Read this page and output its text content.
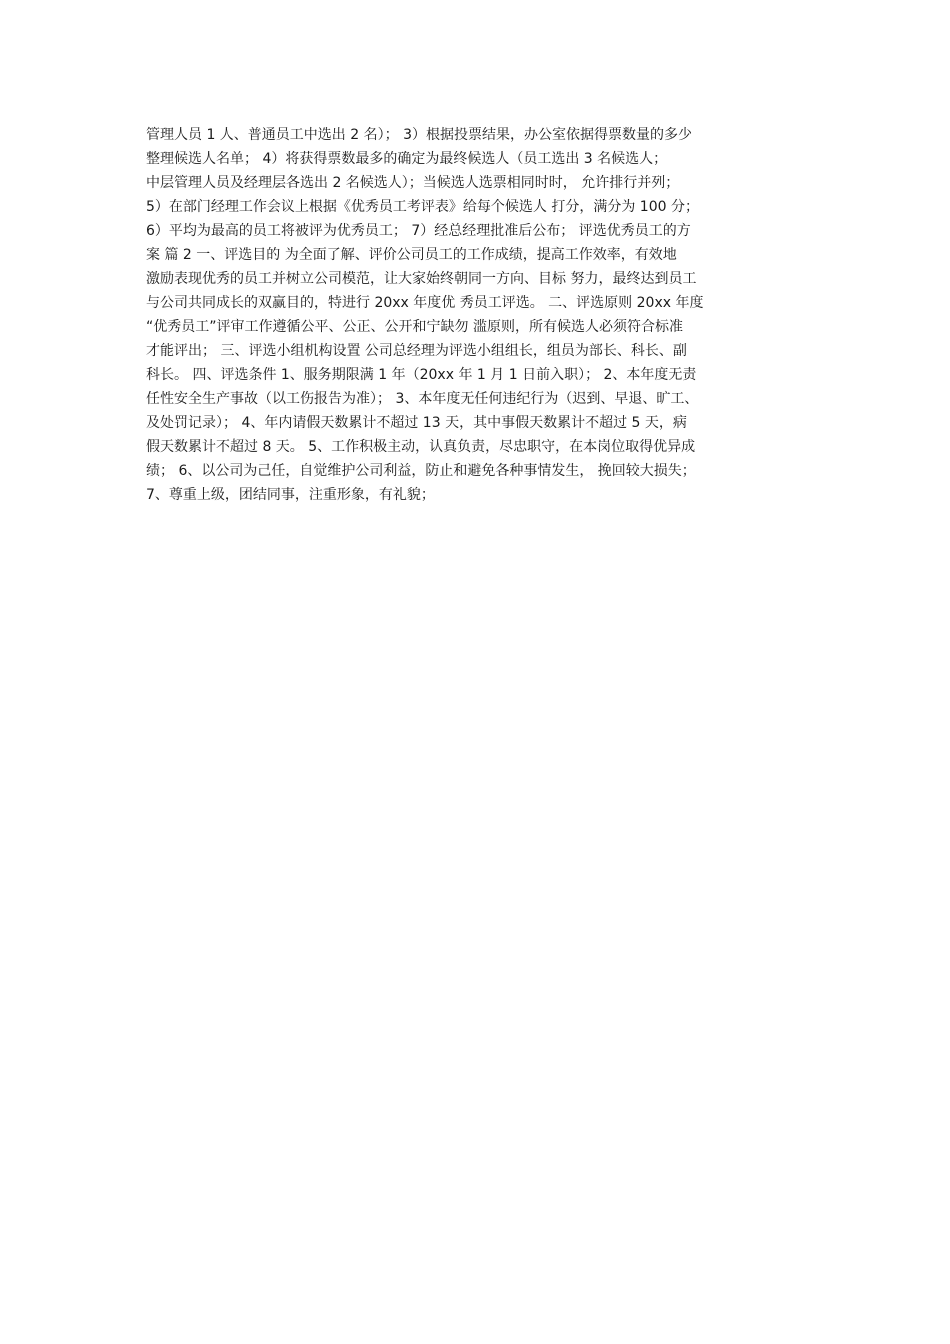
管理人员 1 人、普通员工中选出 2 名）； 3）根据投票结果，办公室依据得票数量的多少
整理候选人名单； 4）将获得票数最多的确定为最终候选人（员工选出 3 名候选人；
中层管理人员及经理层各选出 2 名候选人）；当候选人选票相同时时， 允许排行并列；
5）在部门经理工作会议上根据《优秀员工考评表》给每个候选人 打分，满分为 100 分；
6）平均为最高的员工将被评为优秀员工； 7）经总经理批准后公布； 评选优秀员工的方
案 篇 2 一、评选目的 为全面了解、评价公司员工的工作成绩，提高工作效率，有效地
激励表现优秀的员工并树立公司模范，让大家始终朝同一方向、目标 努力，最终达到员工
与公司共同成长的双赢目的，特进行 20xx 年度优 秀员工评选。 二、评选原则 20xx 年度
“优秀员工”评审工作遵循公平、公正、公开和宁缺勿 滥原则，所有候选人必须符合标准
才能评出； 三、评选小组机构设置 公司总经理为评选小组组长，组员为部长、科长、副
科长。 四、评选条件 1、服务期限满 1 年（20xx 年 1 月 1 日前入职）； 2、本年度无责
任性安全生产事故（以工伤报告为准）； 3、本年度无任何违纪行为（迟到、早退、旷工、
及处罚记录）； 4、年内请假天数累计不超过 13 天，其中事假天数累计不超过 5 天，病
假天数累计不超过 8 天。 5、工作积极主动，认真负责，尽忠职守，在本岗位取得优异成
绩； 6、以公司为己任，自觉维护公司利益，防止和避免各种事情发生， 挽回较大损失；
7、尊重上级，团结同事，注重形象，有礼貌；
